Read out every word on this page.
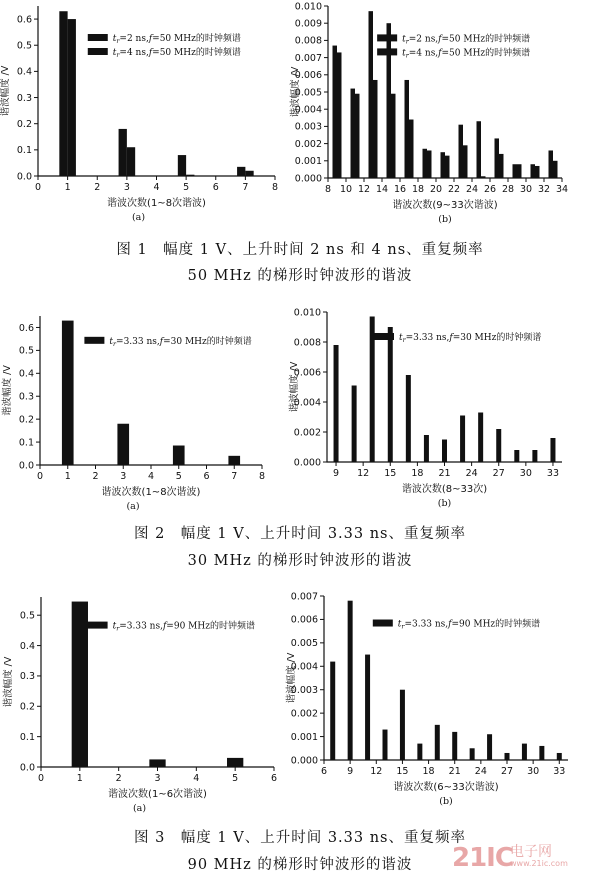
0.0
0.1
0.2
0.3
0.4
0.5
0.6
0 1 2 3 4 5 6 7 8
$t_r=2$ ns,f=50 MHz的时钟频谱
$t_r=4$ ns,f=50 MHz的时钟频谱
谐波幅度 /V
谐波次数(1~8次谐波)
(a)
0.000
0.001
0.002
0.003
0.004
0.005
0.006
0.007
0.008
0.009
0.010
8 10 12 14 16 18 20 22 24 26 28 30 32 34
$t_r=2$ ns,f=50 MHz的时钟频谱
$t_r=4$ ns,f=50 MHz的时钟频谱
谐波幅度 /V
谐波次数(9~33次谐波)
(b)
图 1　幅度 1 V、上升时间 2 ns 和 4 ns、重复频率
50 MHz 的梯形时钟波形的谐波
0.0
0.1
0.2
0.3
0.4
0.5
0.6
0 1 2 3 4 5 6 7 8
$t_r=3.33$ ns,f=30 MHz的时钟频谱
谐波幅度 /V
谐波次数(1~8次谐波)
(a)
0.000
0.002
0.004
0.006
0.008
0.010
9 12 15 18 21 24 27 30 33
$t_r=3.33$ ns,f=30 MHz的时钟频谱
谐波幅度 /V
谐波次数(8~33次)
(b)
图 2　幅度 1 V、上升时间 3.33 ns、重复频率
30 MHz 的梯形时钟波形的谐波
0.0
0.1
0.2
0.3
0.4
0.5
0	1	2	3	4	5	6
$t_r=3.33$ ns,f=90 MHz的时钟频谱
谐波幅度 /V
谐波次数(1~6次谐波)
(a)
0.000
0.001
0.002
0.003
0.004
0.005
0.006
0.007
6 9 12 15 18 21 24 27 30 33
$t_r=3.33$ ns,f=90 MHz的时钟频谱
谐波幅度 /V
谐波次数(6~33次谐波)
(b)
图 3　幅度 1 V、上升时间 3.33 ns、重复频率
90 MHz 的梯形时钟波形的谐波	21IC
电子网
www.21ic.com
